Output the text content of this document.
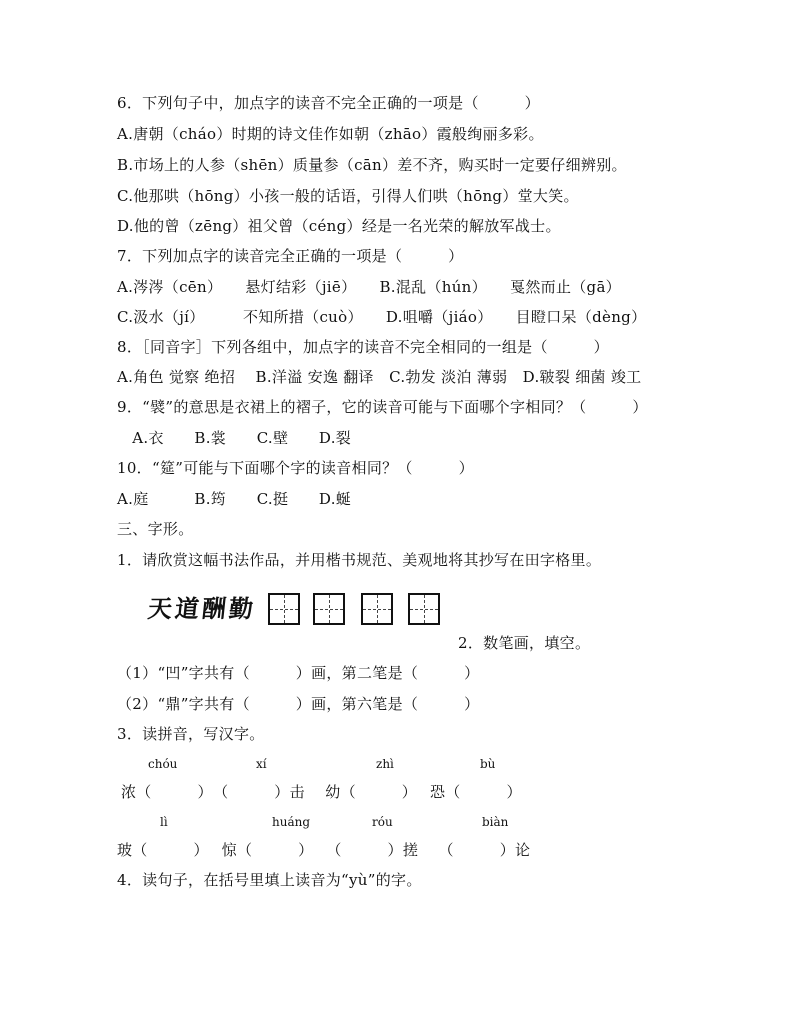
6．下列句子中，加点字的读音不完全正确的一项是（　　　）
A.唐朝（cháo）时期的诗文佳作如朝（zhāo）霞般绚丽多彩。
B.市场上的人参（shēn）质量参（cān）差不齐，购买时一定要仔细辨别。
C.他那哄（hōng）小孩一般的话语，引得人们哄（hōng）堂大笑。
D.他的曾（zēng）祖父曾（céng）经是一名光荣的解放军战士。
7．下列加点字的读音完全正确的一项是（　　　）
A.涔涔（cēn）　　悬灯结彩（jiē）　　B.混乱（hún）　　戛然而止（gā）
C.汲水（jí）　　　不知所措（cuò）　　D.咀嚼（jiáo）　　目瞪口呆（dèng）
8．［同音字］下列各组中，加点字的读音不完全相同的一组是（　　　）
A.角色 觉察 绝招　 B.洋溢 安逸 翻译　C.勃发 淡泊 薄弱　D.皲裂 细菌 竣工
9．“襞”的意思是衣裙上的褶子，它的读音可能与下面哪个字相同？（　　　）
　A.衣　　B.裳　　C.壁　　D.裂
10．“筵”可能与下面哪个字的读音相同？（　　　）
A.庭　　　B.筠　　C.挺　　D.蜒
三、字形。
1．请欣赏这幅书法作品，并用楷书规范、美观地将其抄写在田字格里。
天道酬勤
2．数笔画，填空。
（1）“凹”字共有（　　　）画，第二笔是（　　　）
（2）“鼎”字共有（　　　）画，第六笔是（　　　）
3．读拼音，写汉字。
chóu	xí	zhì	bù
浓（　　　）　（　　　）击　 幼（　　　）　 恐（　　　）
lì	huáng	róu	biàn
玻（　　　）　 惊（　　　）　 （　　　）搓　 （　　　）论
4．读句子，在括号里填上读音为“yù”的字。
